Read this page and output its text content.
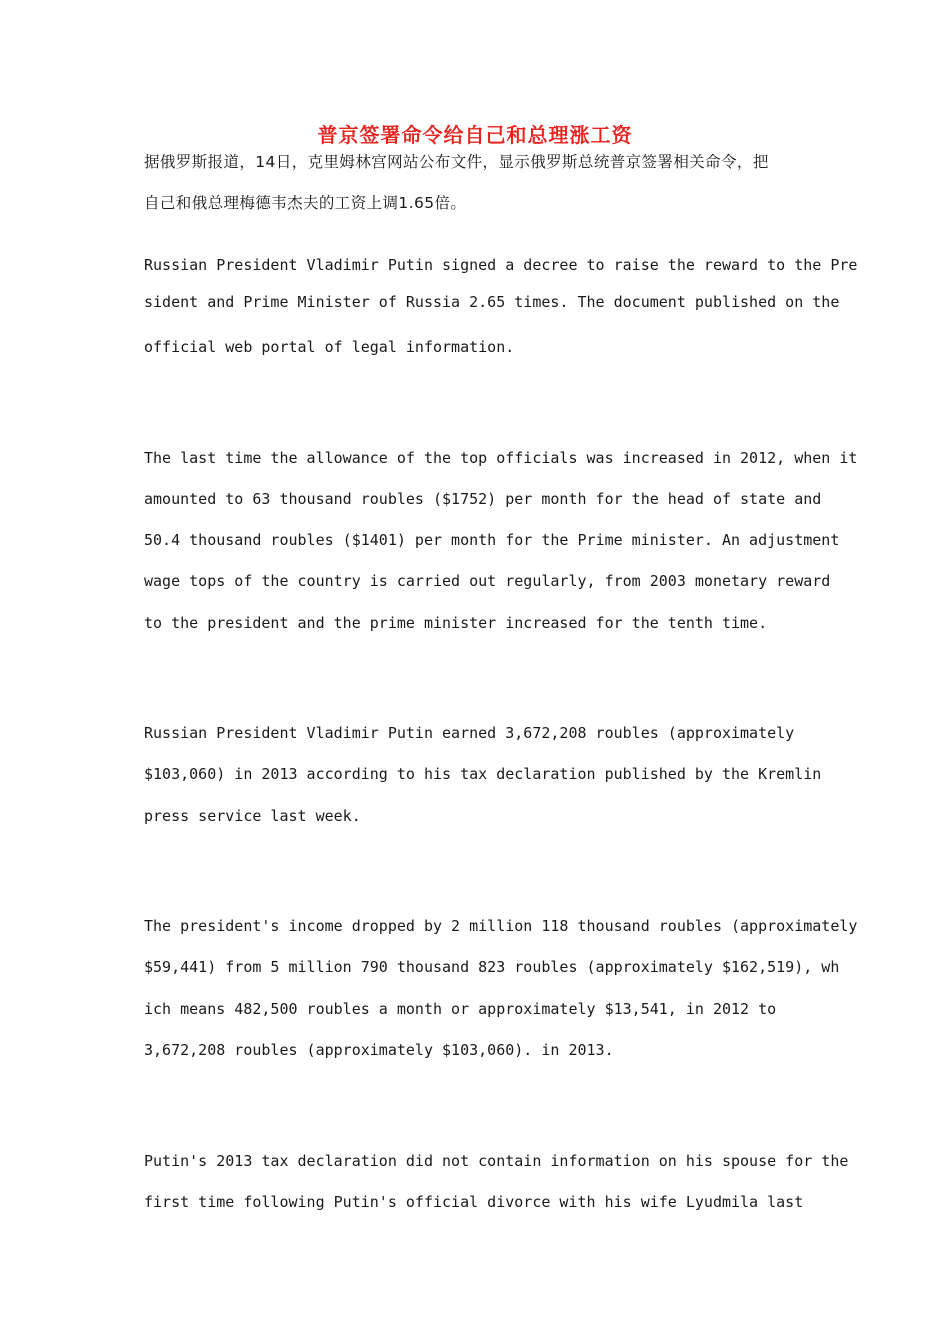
普京签署命令给自己和总理涨工资
据俄罗斯报道，14日，克里姆林宫网站公布文件，显示俄罗斯总统普京签署相关命令，把
自己和俄总理梅德韦杰夫的工资上调1.65倍。
Russian President Vladimir Putin signed a decree to raise the reward to the Pre
sident and Prime Minister of Russia 2.65 times. The document published on the
official web portal of legal information.
The last time the allowance of the top officials was increased in 2012, when it
amounted to 63 thousand roubles ($1752) per month for the head of state and
50.4 thousand roubles ($1401) per month for the Prime minister. An adjustment
wage tops of the country is carried out regularly, from 2003 monetary reward
to the president and the prime minister increased for the tenth time.
Russian President Vladimir Putin earned 3,672,208 roubles (approximately
$103,060) in 2013 according to his tax declaration published by the Kremlin
press service last week.
The president's income dropped by 2 million 118 thousand roubles (approximately
$59,441) from 5 million 790 thousand 823 roubles (approximately $162,519), wh
ich means 482,500 roubles a month or approximately $13,541, in 2012 to
3,672,208 roubles (approximately $103,060). in 2013.
Putin's 2013 tax declaration did not contain information on his spouse for the
first time following Putin's official divorce with his wife Lyudmila last
